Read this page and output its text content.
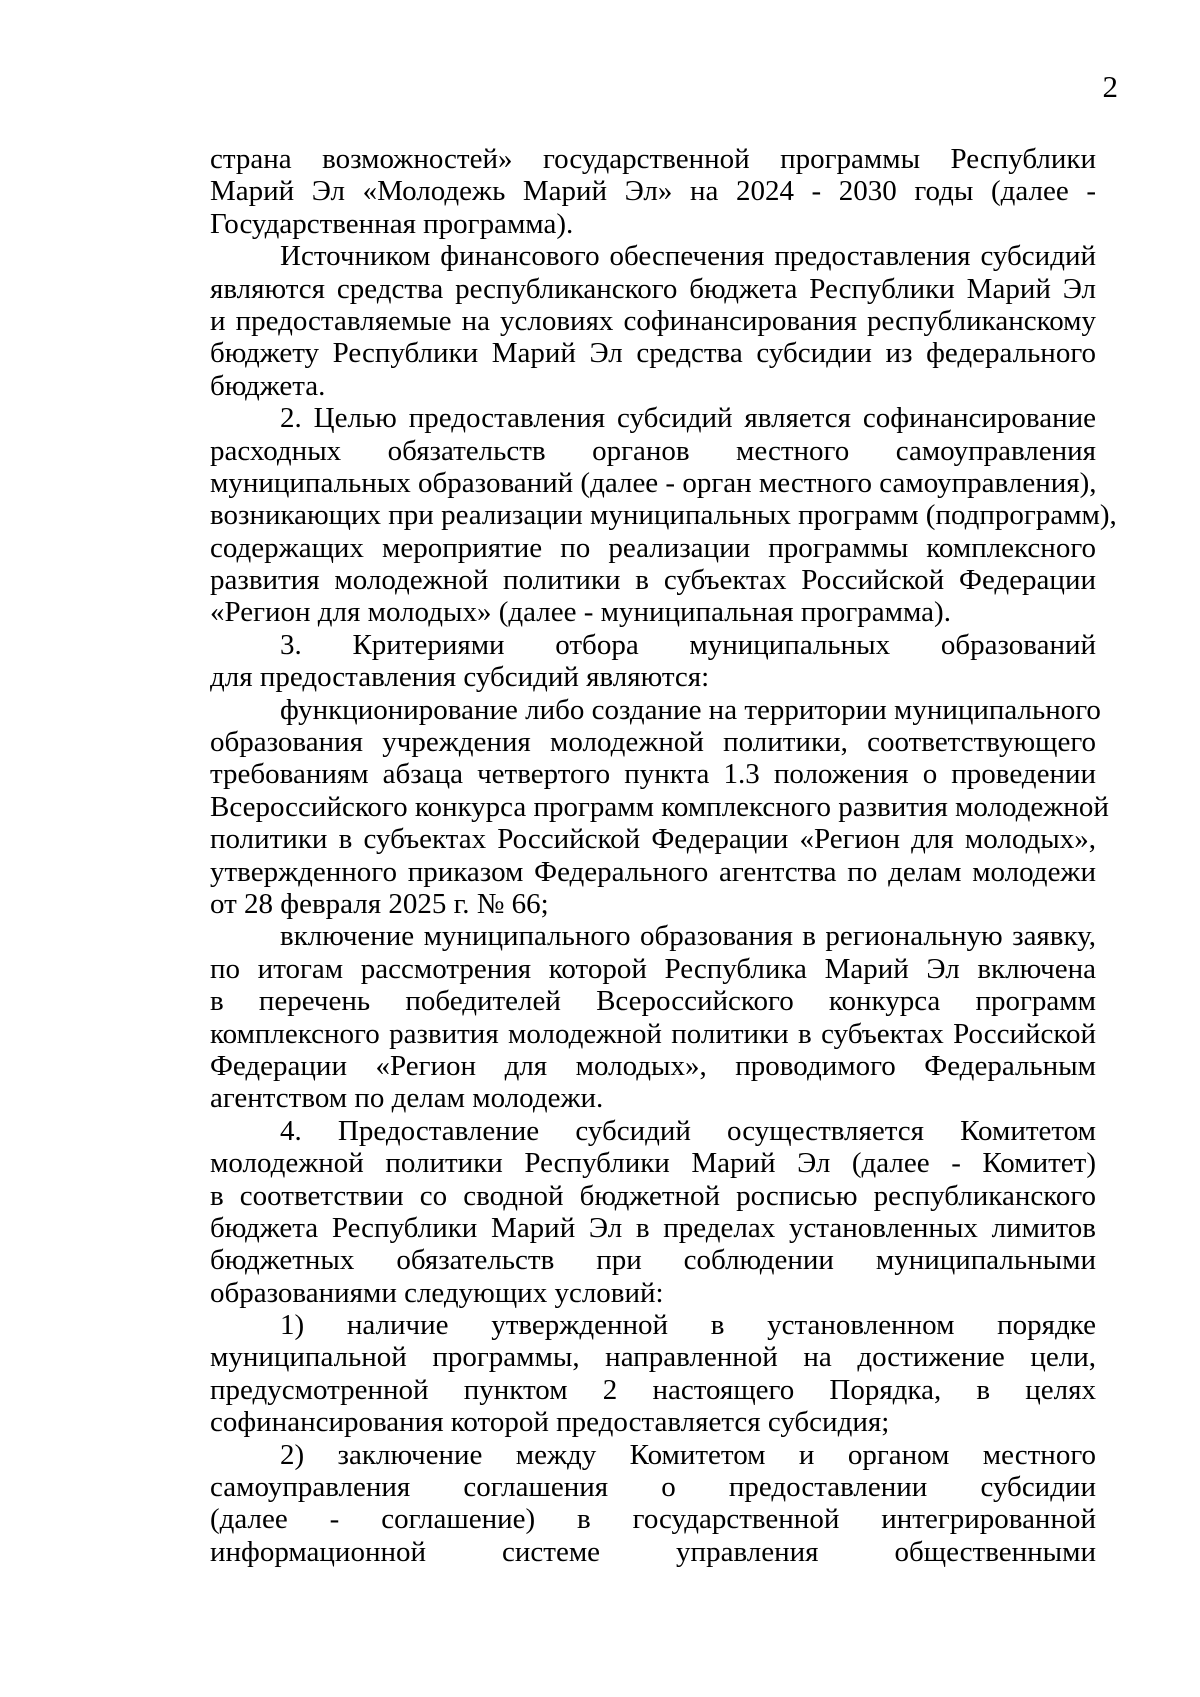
2
страна возможностей» государственной программы Республики
Марий Эл «Молодежь Марий Эл» на 2024 - 2030 годы (далее -
Государственная программа).
Источником финансового обеспечения предоставления субсидий
являются средства республиканского бюджета Республики Марий Эл
и предоставляемые на условиях софинансирования республиканскому
бюджету Республики Марий Эл средства субсидии из федерального
бюджета.
2. Целью предоставления субсидий является софинансирование
расходных обязательств органов местного самоуправления
муниципальных образований (далее - орган местного самоуправления),
возникающих при реализации муниципальных программ (подпрограмм),
содержащих мероприятие по реализации программы комплексного
развития молодежной политики в субъектах Российской Федерации
«Регион для молодых» (далее - муниципальная программа).
3. Критериями отбора муниципальных образований
для предоставления субсидий являются:
функционирование либо создание на территории муниципального
образования учреждения молодежной политики, соответствующего
требованиям абзаца четвертого пункта 1.3 положения о проведении
Всероссийского конкурса программ комплексного развития молодежной
политики в субъектах Российской Федерации «Регион для молодых»,
утвержденного приказом Федерального агентства по делам молодежи
от 28 февраля 2025 г. № 66;
включение муниципального образования в региональную заявку,
по итогам рассмотрения которой Республика Марий Эл включена
в перечень победителей Всероссийского конкурса программ
комплексного развития молодежной политики в субъектах Российской
Федерации «Регион для молодых», проводимого Федеральным
агентством по делам молодежи.
4. Предоставление субсидий осуществляется Комитетом
молодежной политики Республики Марий Эл (далее - Комитет)
в соответствии со сводной бюджетной росписью республиканского
бюджета Республики Марий Эл в пределах установленных лимитов
бюджетных обязательств при соблюдении муниципальными
образованиями следующих условий:
1) наличие утвержденной в установленном порядке
муниципальной программы, направленной на достижение цели,
предусмотренной пунктом 2 настоящего Порядка, в целях
софинансирования которой предоставляется субсидия;
2) заключение между Комитетом и органом местного
самоуправления соглашения о предоставлении субсидии
(далее - соглашение) в государственной интегрированной
информационной системе управления общественными
